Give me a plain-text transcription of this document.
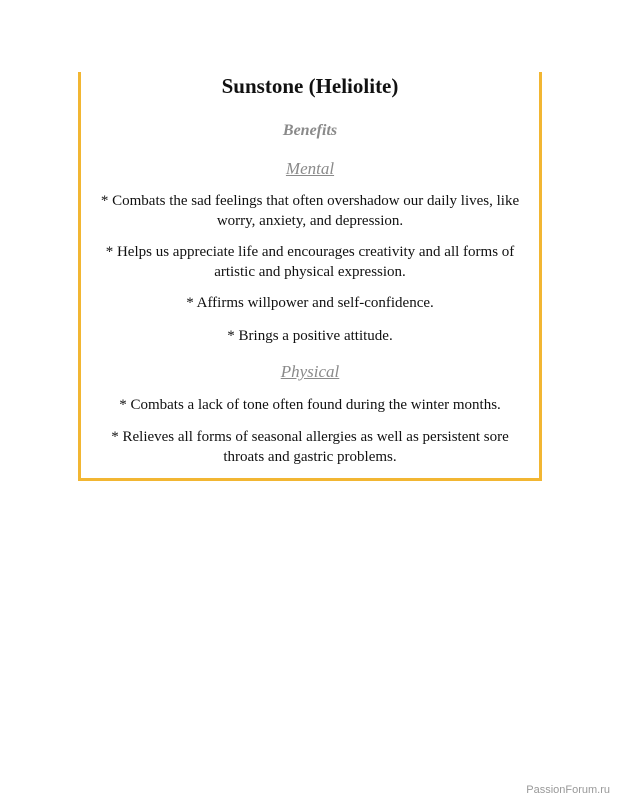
Sunstone (Heliolite)

Benefits

Mental

* Combats the sad feelings that often overshadow our daily lives, like worry, anxiety, and depression.

* Helps us appreciate life and encourages creativity and all forms of artistic and physical expression.

* Affirms willpower and self-confidence.

* Brings a positive attitude.

Physical

* Combats a lack of tone often found during the winter months.

* Relieves all forms of seasonal allergies as well as persistent sore throats and gastric problems.

PassionForum.ru
